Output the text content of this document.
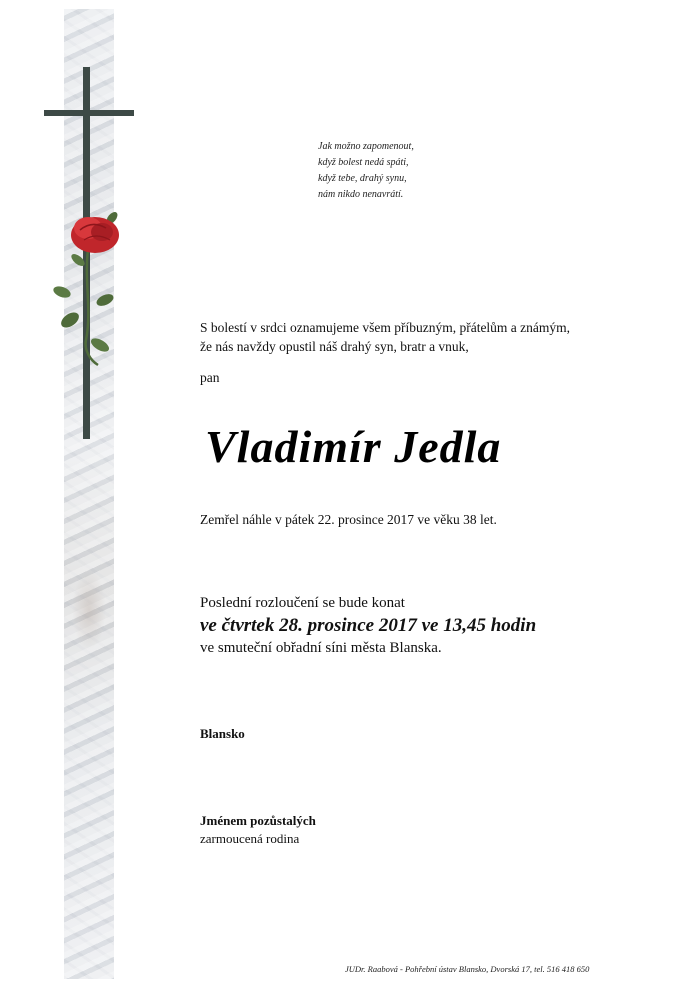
Jak možno zapomenout,
když bolest nedá spáti,
když tebe, drahý synu,
nám nikdo nenavrátí.
S bolestí v srdci oznamujeme všem příbuzným, přátelům a známým,
že nás navždy opustil náš drahý syn, bratr a vnuk,
pan
Vladimír Jedla
Zemřel náhle v pátek 22. prosince 2017 ve věku 38 let.
Poslední rozloučení se bude konat
ve čtvrtek 28. prosince 2017 ve 13,45 hodin
ve smuteční obřadní síni města Blanska.
Blansko
Jménem pozůstalých
zarmoucená rodina
JUDr. Raabová - Pohřební ústav Blansko, Dvorská 17, tel. 516 418 650
